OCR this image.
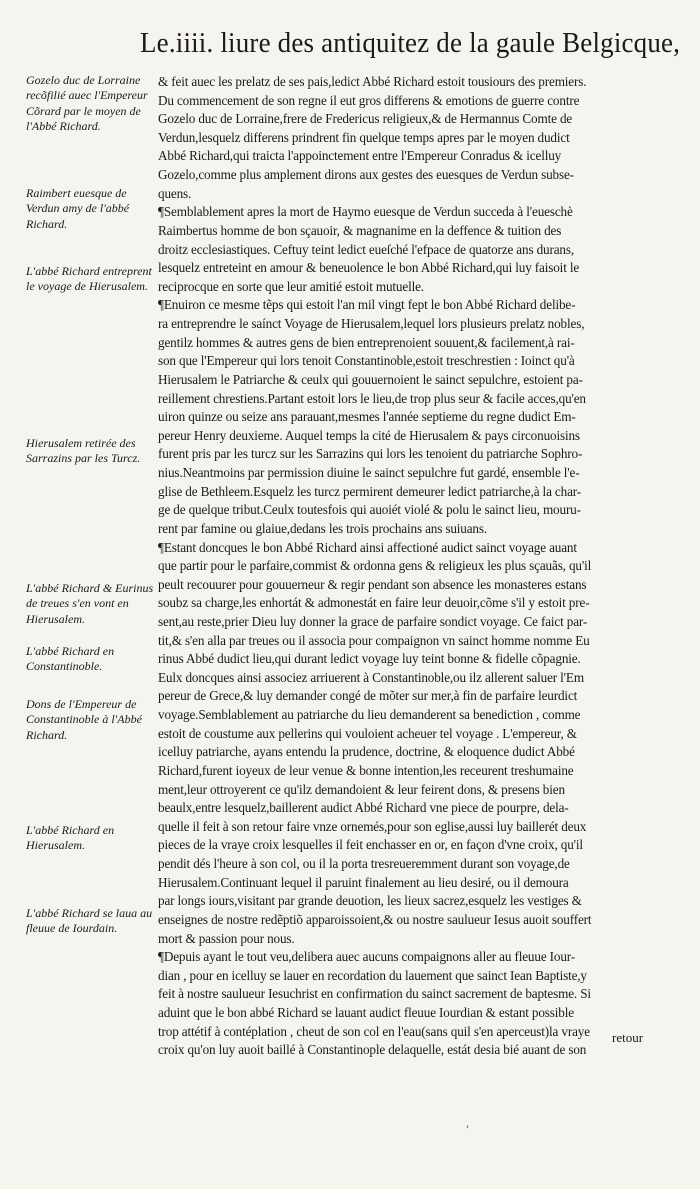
Le.iiii. liure des antiquitez de la gaule Belgicque,
Gozelo duc de Lorraine recõfilié auec l'Empereur Cõrard par le moyen de l'Abbé Richard.
Raimbert euesque de Verdun amy de l'abbé Richard.
L'abbé Richard entreprent le voyage de Hierusalem.
Hierusalem retirée des Sarrazins par les Turcz.
L'abbé Richard & Eurinus de treues s'en vont en Hierusalem.
L'abbé Richard en Constantinoble.
Dons de l'Empereur de Constantinoble à l'Abbé Richard.
L'abbé Richard en Hierusalem.
L'abbé Richard se laua au fleuue de Iourdain.
& feit auec les prelatz de ses pais,ledict Abbé Richard estoit tousiours des premiers.
Du commencement de son regne il eut gros differens & emotions de guerre contre
Gozelo duc de Lorraine,frere de Fredericus religieux,& de Hermannus Comte de
Verdun,lesquelz differens prindrent fin quelque temps apres par le moyen dudict
Abbé Richard,qui traicta l'appoinctement entre l'Empereur Conradus & icelluy
Gozelo,comme plus amplement dirons aux gestes des euesques de Verdun subse-
quens.
¶Semblablement apres la mort de Haymo euesque de Verdun succeda à l'eueschè
Raimbertus homme de bon sçauoir, & magnanime en la deffence & tuition des
droitz ecclesiastiques. Ceftuy teint ledict eueſché l'efpace de quatorze ans durans,
lesquelz entreteint en amour & beneuolence le bon Abbé Richard,qui luy faisoit le
reciprocque en sorte que leur amitié estoit mutuelle.
¶Enuiron ce mesme tẽps qui estoit l'an mil vingt fept le bon Abbé Richard delibe-
ra entreprendre le saínct Voyage de Hierusalem,lequel lors plusieurs prelatz nobles,
gentilz hommes & autres gens de bien entreprenoient souuent,& facilement,à rai-
son que l'Empereur qui lors tenoit Constantinoble,estoit treschrestien : Ioinct qu'à
Hierusalem le Patriarche & ceulx qui gouuernoient le sainct sepulchre, estoient pa-
reillement chrestiens.Partant estoit lors le lieu,de trop plus seur & facile acces,qu'en
uiron quinze ou seize ans parauant,mesmes l'année septieme du regne dudict Em-
pereur Henry deuxieme. Auquel temps la cité de Hierusalem & pays circonuoisins
furent pris par les turcz sur les Sarrazins qui lors les tenoient du patriarche Sophro-
nius.Neantmoins par permission diuine le sainct sepulchre fut gardé, ensemble l'e-
glise de Bethleem.Esquelz les turcz permirent demeurer ledict patriarche,à la char-
ge de quelque tribut.Ceulx toutesfois qui auoiét violé & polu le sainct lieu, mouru-
rent par famine ou glaiue,dedans les trois prochains ans suiuans.
¶Estant doncques le bon Abbé Richard ainsi affectioné audict sainct voyage auant
que partir pour le parfaire,commist & ordonna gens & religieux les plus sçauãs, qu'il
peult recouurer pour gouuerneur & regir pendant son absence les monasteres estans
soubz sa charge,les enhortát & admonestát en faire leur deuoir,cõme s'il y estoit pre-
sent,au reste,prier Dieu luy donner la grace de parfaire sondict voyage. Ce faict par-
tit,& s'en alla par treues ou il associa pour compaignon vn sainct homme nomme Eu
rinus Abbé dudict lieu,qui durant ledict voyage luy teint bonne & fidelle cõpagnie.
Eulx doncques ainsi associez arriuerent à Constantinoble,ou ilz allerent saluer l'Em
pereur de Grece,& luy demander congé de mõter sur mer,à fin de parfaire leurdict
voyage.Semblablement au patriarche du lieu demanderent sa benediction , comme
estoit de coustume aux pellerins qui vouloient acheuer tel voyage . L'empereur, &
icelluy patriarche, ayans entendu la prudence, doctrine, & eloquence dudict Abbé
Richard,furent ioyeux de leur venue & bonne intention,les receurent treshumaine
ment,leur ottroyerent ce qu'ilz demandoient & leur feirent dons, & presens bien
beaulx,entre lesquelz,baillerent audict Abbé Richard vne piece de pourpre, dela-
quelle il feit à son retour faire vnze ornemés,pour son eglise,aussi luy baillerét deux
pieces de la vraye croix lesquelles il feit enchasser en or, en façon d'vne croix, qu'il
pendit dés l'heure à son col, ou il la porta tresreueremment durant son voyage,de
Hierusalem.Continuant lequel il paruint finalement au lieu desiré, ou il demoura
par longs iours,visitant par grande deuotion, les lieux sacrez,esquelz les vestiges &
enseignes de nostre redẽptiõ apparoissoient,& ou nostre saulueur Iesus auoit souffert
mort & passion pour nous.
¶Depuis ayant le tout veu,delibera auec aucuns compaignons aller au fleuue Iour-
dian , pour en icelluy se lauer en recordation du lauement que sainct Iean Baptiste,y
feit à nostre saulueur Iesuchrist en confirmation du sainct sacrement de baptesme. Si
aduint que le bon abbé Richard se lauant audict fleuue Iourdian & estant possible
trop attétif à contéplation , cheut de son col en l'eau(sans quil s'en aperceust)la vraye
croix qu'on luy auoit baillé à Constantinople delaquelle, estát desia bié auant de son
retour
,
